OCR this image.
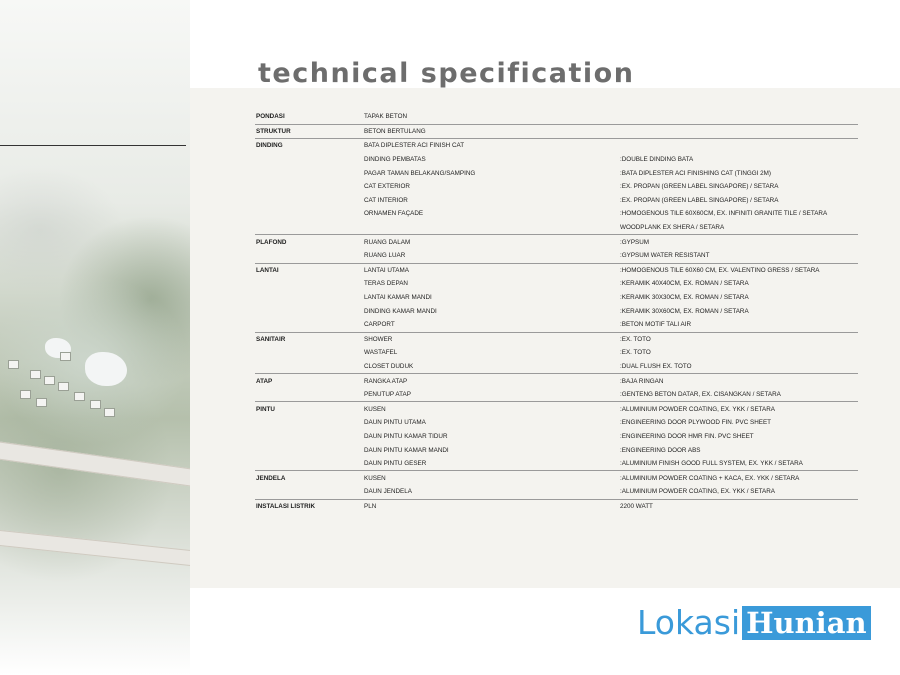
technical specification
PONDASI	TAPAK BETON	
STRUKTUR	BETON BERTULANG	
DINDING	BATA DIPLESTER ACI FINISH CAT	
	DINDING PEMBATAS	:DOUBLE DINDING BATA
	PAGAR TAMAN BELAKANG/SAMPING	:BATA DIPLESTER ACI FINISHING CAT (TINGGI 2M)
	CAT EXTERIOR	:EX. PROPAN (GREEN LABEL SINGAPORE) / SETARA
	CAT INTERIOR	:EX. PROPAN (GREEN LABEL SINGAPORE) / SETARA
	ORNAMEN FAÇADE	:HOMOGENOUS TILE 60X60CM, EX. INFINITI GRANITE TILE / SETARA
		WOODPLANK EX SHERA / SETARA
PLAFOND	RUANG DALAM	:GYPSUM
	RUANG LUAR	:GYPSUM WATER RESISTANT
LANTAI	LANTAI UTAMA	:HOMOGENOUS TILE 60X60 CM, EX. VALENTINO GRESS / SETARA
	TERAS DEPAN	:KERAMIK 40X40CM, EX. ROMAN / SETARA
	LANTAI KAMAR MANDI	:KERAMIK 30X30CM, EX. ROMAN / SETARA
	DINDING KAMAR MANDI	:KERAMIK 30X60CM, EX. ROMAN / SETARA
	CARPORT	:BETON MOTIF TALI AIR
SANITAIR	SHOWER	:EX. TOTO
	WASTAFEL	:EX. TOTO
	CLOSET DUDUK	:DUAL FLUSH EX. TOTO
ATAP	RANGKA ATAP	:BAJA RINGAN
	PENUTUP ATAP	:GENTENG BETON DATAR, EX. CISANGKAN / SETARA
PINTU	KUSEN	:ALUMINIUM POWDER COATING, EX. YKK / SETARA
	DAUN PINTU UTAMA	:ENGINEERING DOOR PLYWOOD FIN. PVC SHEET
	DAUN PINTU KAMAR TIDUR	:ENGINEERING DOOR HMR FIN. PVC SHEET
	DAUN PINTU KAMAR MANDI	:ENGINEERING DOOR ABS
	DAUN PINTU GESER	:ALUMINIUM FINISH GOOD FULL SYSTEM, EX. YKK / SETARA
JENDELA	KUSEN	:ALUMINIUM POWDER COATING + KACA, EX. YKK / SETARA
	DAUN JENDELA	:ALUMINIUM POWDER COATING, EX. YKK / SETARA
INSTALASI LISTRIK	PLN	2200 WATT
Lokasi Hunian
